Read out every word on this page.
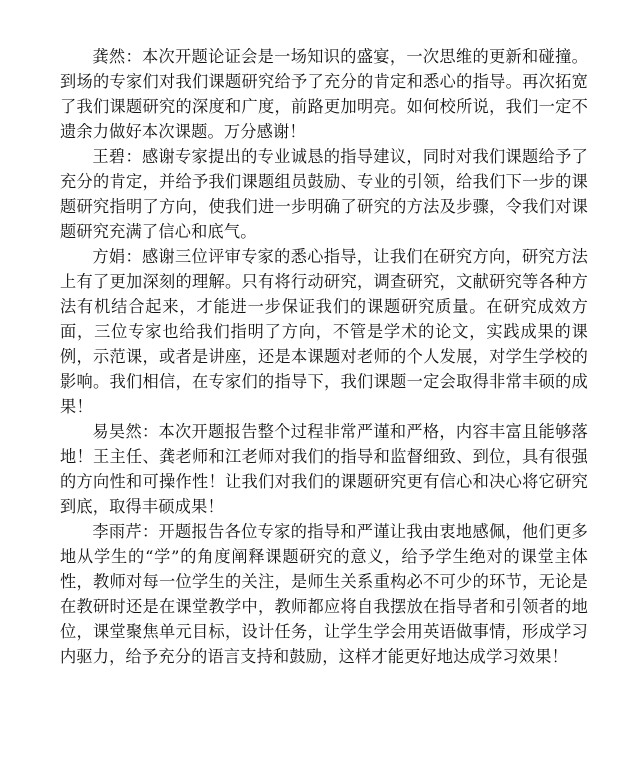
龚然：本次开题论证会是一场知识的盛宴，一次思维的更新和碰撞。到场的专家们对我们课题研究给予了充分的肯定和悉心的指导。再次拓宽了我们课题研究的深度和广度，前路更加明亮。如何校所说，我们一定不遗余力做好本次课题。万分感谢！

王碧：感谢专家提出的专业诚恳的指导建议，同时对我们课题给予了充分的肯定，并给予我们课题组员鼓励、专业的引领，给我们下一步的课题研究指明了方向，使我们进一步明确了研究的方法及步骤，令我们对课题研究充满了信心和底气。

方娟：感谢三位评审专家的悉心指导，让我们在研究方向，研究方法上有了更加深刻的理解。只有将行动研究，调查研究，文献研究等各种方法有机结合起来，才能进一步保证我们的课题研究质量。在研究成效方面，三位专家也给我们指明了方向，不管是学术的论文，实践成果的课例，示范课，或者是讲座，还是本课题对老师的个人发展，对学生学校的影响。我们相信，在专家们的指导下，我们课题一定会取得非常丰硕的成果！

易昊然：本次开题报告整个过程非常严谨和严格，内容丰富且能够落地！王主任、龚老师和江老师对我们的指导和监督细致、到位，具有很强的方向性和可操作性！让我们对我们的课题研究更有信心和决心将它研究到底，取得丰硕成果！

李雨芹：开题报告各位专家的指导和严谨让我由衷地感佩，他们更多地从学生的“学”的角度阐释课题研究的意义，给予学生绝对的课堂主体性，教师对每一位学生的关注，是师生关系重构必不可少的环节，无论是在教研时还是在课堂教学中，教师都应将自我摆放在指导者和引领者的地位，课堂聚焦单元目标，设计任务，让学生学会用英语做事情，形成学习内驱力，给予充分的语言支持和鼓励，这样才能更好地达成学习效果！
